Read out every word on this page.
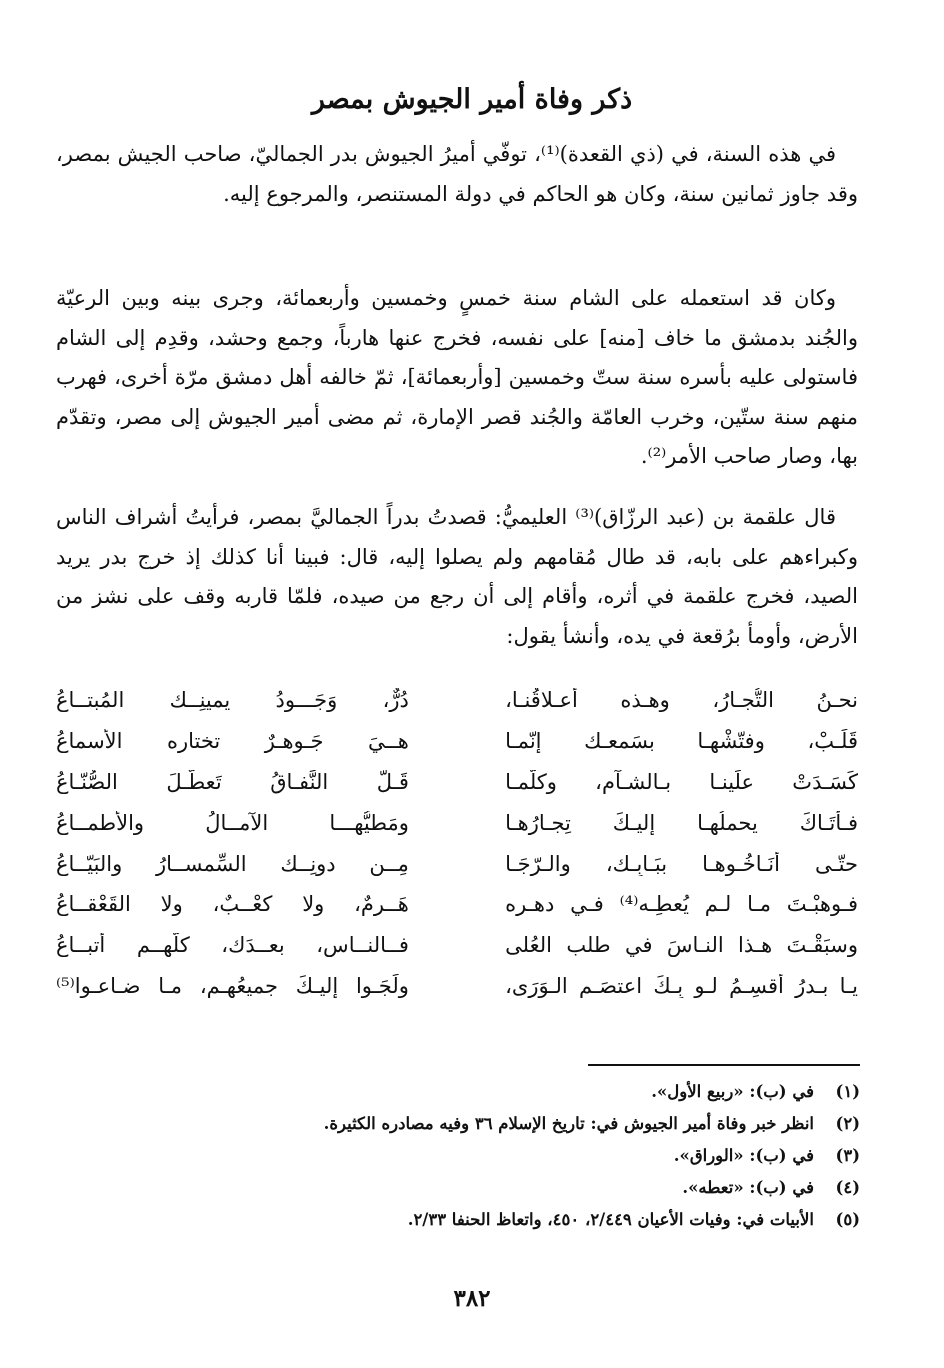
ذكر وفاة أمير الجيوش بمصر

في هذه السنة، في (ذي القعدة)⁽¹⁾، توفّي أميرُ الجيوش بدر الجماليّ، صاحب الجيش بمصر، وقد جاوز ثمانين سنة، وكان هو الحاكم في دولة المستنصر، والمرجوع إليه.

وكان قد استعمله على الشام سنة خمسٍ وخمسين وأربعمائة، وجرى بينه وبين الرعيّة والجُند بدمشق ما خاف [منه] على نفسه، فخرج عنها هارباً، وجمع وحشد، وقدِم إلى الشام فاستولى عليه بأسره سنة ستّ وخمسين [وأربعمائة]، ثمّ خالفه أهل دمشق مرّة أخرى، فهرب منهم سنة ستّين، وخرب العامّة والجُند قصر الإمارة، ثم مضى أمير الجيوش إلى مصر، وتقدّم بها، وصار صاحب الأمر⁽²⁾.

قال علقمة بن (عبد الرزّاق)⁽³⁾ العليميُّ: قصدتُ بدراً الجماليَّ بمصر، فرأيتُ أشراف الناس وكبراءهم على بابه، قد طال مُقامهم ولم يصلوا إليه، قال: فبينا أنا كذلك إذ خرج بدر يريد الصيد، فخرج علقمة في أثره، وأقام إلى أن رجع من صيده، فلمّا قاربه وقف على نشز من الأرض، وأومأ برُقعة في يده، وأنشأ يقول:

نحـنُ التُّجـارُ، وهـذه أعـلاقُنـا،
دُرٌّ، وَجَـــودُ يمينِــك المُبتــاعُ
قَلِّـبْ، وفتّشْهـا بسَمعـك إنّمـا
هــيَ جَـوهـرٌ تختاره الأسماعُ
كَسَـدَتْ علَينـا بـالشـآم، وكلّمـا
قَـلَّ النَّفـاقُ تَعطّـلَ الصُّنّـاعُ
فـأتَـاكَ يحملُهـا إليـكَ تِجـارُهـا
ومَطيُّهـــا الآمــالُ والأطمــاعُ
حتّـى أنَـاخُـوهـا ببَـابِـك، والـرّجَـا
مِــن دونِــك السِّمســارُ والبَيّــاعُ
فـوهبْـتَ مـا لـم يُعطِـه⁽⁴⁾ فـي دهـره
هَــرِمٌ، ولا كعْــبٌ، ولا القَعْقــاعُ
وسبَقْـتَ هـذا النـاسَ في طلب العُلى
فــالنــاس، بعــدَك، كلّهــم أتبــاعُ
يـا بـدرُ أُقسِـمُ لـو بِـكَ اعتصَـم الـوَرَى،
ولَجَـوا إليـكَ جميعُهـم، مـا ضـاعـوا⁽⁵⁾
(١)
في (ب): «ربيع الأول».
(٢)
انظر خبر وفاة أمير الجيوش في: تاريخ الإسلام ٣٦ وفيه مصادره الكثيرة.
(٣)
في (ب): «الوراق».
(٤)
في (ب): «تعطه».
(٥)
الأبيات في: وفيات الأعيان ٢/٤٤٩، ٤٥٠، واتعاظ الحنفا ٢/٣٣.
٣٨٢
